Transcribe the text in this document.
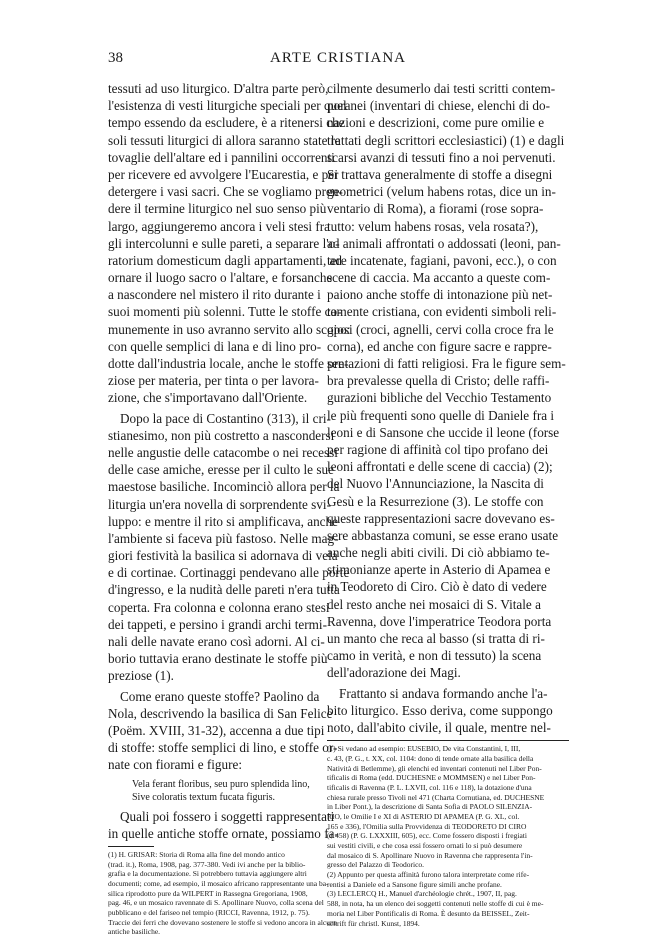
38	ARTE CRISTIANA
tessuti ad uso liturgico. D'altra parte però,
l'esistenza di vesti liturgiche speciali per quel
tempo essendo da escludere, è a ritenersi che
soli tessuti liturgici di allora saranno state le
tovaglie dell'altare ed i pannilini occorrenti
per ricevere ed avvolgere l'Eucarestia, e per
detergere i vasi sacri. Che se vogliamo pren-
dere il termine liturgico nel suo senso più
largo, aggiungeremo ancora i veli stesi fra
gli intercolunni e sulle pareti, a separare l'o-
ratorium domesticum dagli appartamenti, ad
ornare il luogo sacro o l'altare, e forsanche
a nascondere nel mistero il rito durante i
suoi momenti più solenni. Tutte le stoffe co-
munemente in uso avranno servito allo scopo:
con quelle semplici di lana e di lino pro-
dotte dall'industria locale, anche le stoffe pre-
ziose per materia, per tinta o per lavora-
zione, che s'importavano dall'Oriente.
Dopo la pace di Costantino (313), il cri-
stianesimo, non più costretto a nascondersi
nelle angustie delle catacombe o nei recessi
delle case amiche, eresse per il culto le sue
maestose basiliche. Incominciò allora per la
liturgia un'era novella di sorprendente svi-
luppo: e mentre il rito si amplificava, anche
l'ambiente si faceva più fastoso. Nelle mag-
giori festività la basilica si adornava di vela
e di cortinae. Cortinaggi pendevano alle porte
d'ingresso, e la nudità delle pareti n'era tutta
coperta. Fra colonna e colonna erano stesi
dei tappeti, e persino i grandi archi termi-
nali delle navate erano così adorni. Al ci-
borio tuttavia erano destinate le stoffe più
preziose (1).
Come erano queste stoffe? Paolino da
Nola, descrivendo la basilica di San Felice
(Poëm. XVIII, 31-32), accenna a due tipi
di stoffe: stoffe semplici di lino, e stoffe or-
nate con fiorami e figure:
Vela ferant floribus, seu puro splendida lino,
Sive coloratis textum fucata figuris.
Quali poi fossero i soggetti rappresentati
in quelle antiche stoffe ornate, possiamo fa-
(1) H. GRISAR: Storia di Roma alla fine del mondo antico
(trad. it.), Roma, 1908, pag. 377-380. Vedi ivi anche per la biblio-
grafia e la documentazione. Si potrebbero tuttavia aggiungere altri
documenti; come, ad esempio, il mosaico africano rappresentante una ba-
silica riprodotto pure da WILPERT in Rassegna Gregoriana, 1908,
pag. 46, e un mosaico ravennate di S. Apollinare Nuovo, colla scena del
pubblicano e del fariseo nel tempio (RICCI, Ravenna, 1912, p. 75).
Traccie dei ferri che dovevano sostenere le stoffe si vedono ancora in alcune
antiche basiliche.
cilmente desumerlo dai testi scritti contem-
poranei (inventari di chiese, elenchi di do-
nazioni e descrizioni, come pure omilie e
trattati degli scrittori ecclesiastici) (1) e dagli
scarsi avanzi di tessuti fino a noi pervenuti.
Si trattava generalmente di stoffe a disegni
geometrici (velum habens rotas, dice un in-
ventario di Roma), a fiorami (rose sopra-
tutto: velum habens rosas, vela rosata?),
ad animali affrontati o addossati (leoni, pan-
tere incatenate, fagiani, pavoni, ecc.), o con
scene di caccia. Ma accanto a queste com-
paiono anche stoffe di intonazione più net-
tamente cristiana, con evidenti simboli reli-
giosi (croci, agnelli, cervi colla croce fra le
corna), ed anche con figure sacre e rappre-
sentazioni di fatti religiosi. Fra le figure sem-
bra prevalesse quella di Cristo; delle raffi-
gurazioni bibliche del Vecchio Testamento
le più frequenti sono quelle di Daniele fra i
leoni e di Sansone che uccide il leone (forse
per ragione di affinità col tipo profano dei
leoni affrontati e delle scene di caccia) (2);
del Nuovo l'Annunciazione, la Nascita di
Gesù e la Resurrezione (3). Le stoffe con
queste rappresentazioni sacre dovevano es-
sere abbastanza comuni, se esse erano usate
anche negli abiti civili. Di ciò abbiamo te-
stimonianze aperte in Asterio di Apamea e
in Teodoreto di Ciro. Ciò è dato di vedere
del resto anche nei mosaici di S. Vitale a
Ravenna, dove l'imperatrice Teodora porta
un manto che reca al basso (si tratta di ri-
camo in verità, e non di tessuto) la scena
dell'adorazione dei Magi.
Frattanto si andava formando anche l'a-
bito liturgico. Esso deriva, come suppongo
noto, dall'abito civile, il quale, mentre nel-
(1) Si vedano ad esempio: EUSEBIO, De vita Constantini, I, III,
c. 43, (P. G., t. XX, col. 1104: dono di tende ornate alla basilica della
Natività di Betlemme), gli elenchi ed inventari contenuti nel Liber Pon-
tificalis di Roma (edd. DUCHESNE e MOMMSEN) e nel Liber Pon-
tificalis di Ravenna (P. L. LXVII, col. 116 e 118), la dotazione d'una
chiesa rurale presso Tivoli nel 471 (Charta Cornutiana, ed. DUCHESNE
in Liber Pont.), la descrizione di Santa Sofia di PAOLO SILENZIA-
RIO, le Omilie I e XI di ASTERIO DI APAMEA (P. G. XL, col.
165 e 336), l'Omilia sulla Provvidenza di TEODORETO DI CIRO
(† 458) (P. G. LXXXIII, 605), ecc. Come fossero disposti i fregiati
sui vestiti civili, e che cosa essi fossero ornati lo si può desumere
dal mosaico di S. Apollinare Nuovo in Ravenna che rappresenta l'in-
gresso del Palazzo di Teodorico.
(2) Appunto per questa affinità furono talora interpretate come rife-
rentisi a Daniele ed a Sansone figure simili anche profane.
(3) LECLERCQ H., Manuel d'archéologie chrét., 1907, II, pag.
588, in nota, ha un elenco dei soggetti contenuti nelle stoffe di cui è me-
moria nel Liber Pontificalis di Roma. È desunto da BEISSEL, Zeit-
schrift für christl. Kunst, 1894.
